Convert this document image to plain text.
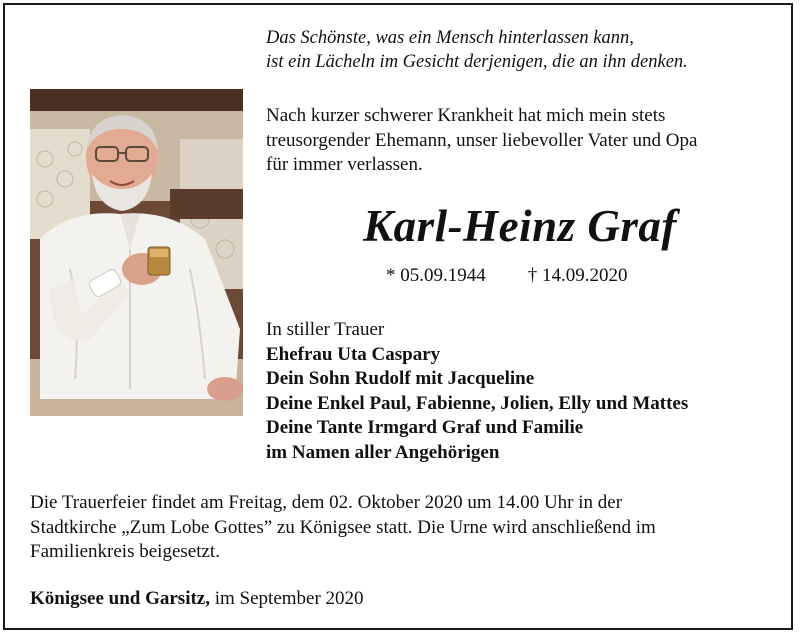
Das Schönste, was ein Mensch hinterlassen kann,
ist ein Lächeln im Gesicht derjenigen, die an ihn denken.
Nach kurzer schwerer Krankheit hat mich mein stets
treusorgender Ehemann, unser liebevoller Vater und Opa
für immer verlassen.
Karl-Heinz Graf
* 05.09.1944 † 14.09.2020
In stiller Trauer
Ehefrau Uta Caspary
Dein Sohn Rudolf mit Jacqueline
Deine Enkel Paul, Fabienne, Jolien, Elly und Mattes
Deine Tante Irmgard Graf und Familie
im Namen aller Angehörigen
Die Trauerfeier findet am Freitag, dem 02. Oktober 2020 um 14.00 Uhr in der
Stadtkirche „Zum Lobe Gottes” zu Königsee statt. Die Urne wird anschließend im
Familienkreis beigesetzt.
Königsee und Garsitz, im September 2020
